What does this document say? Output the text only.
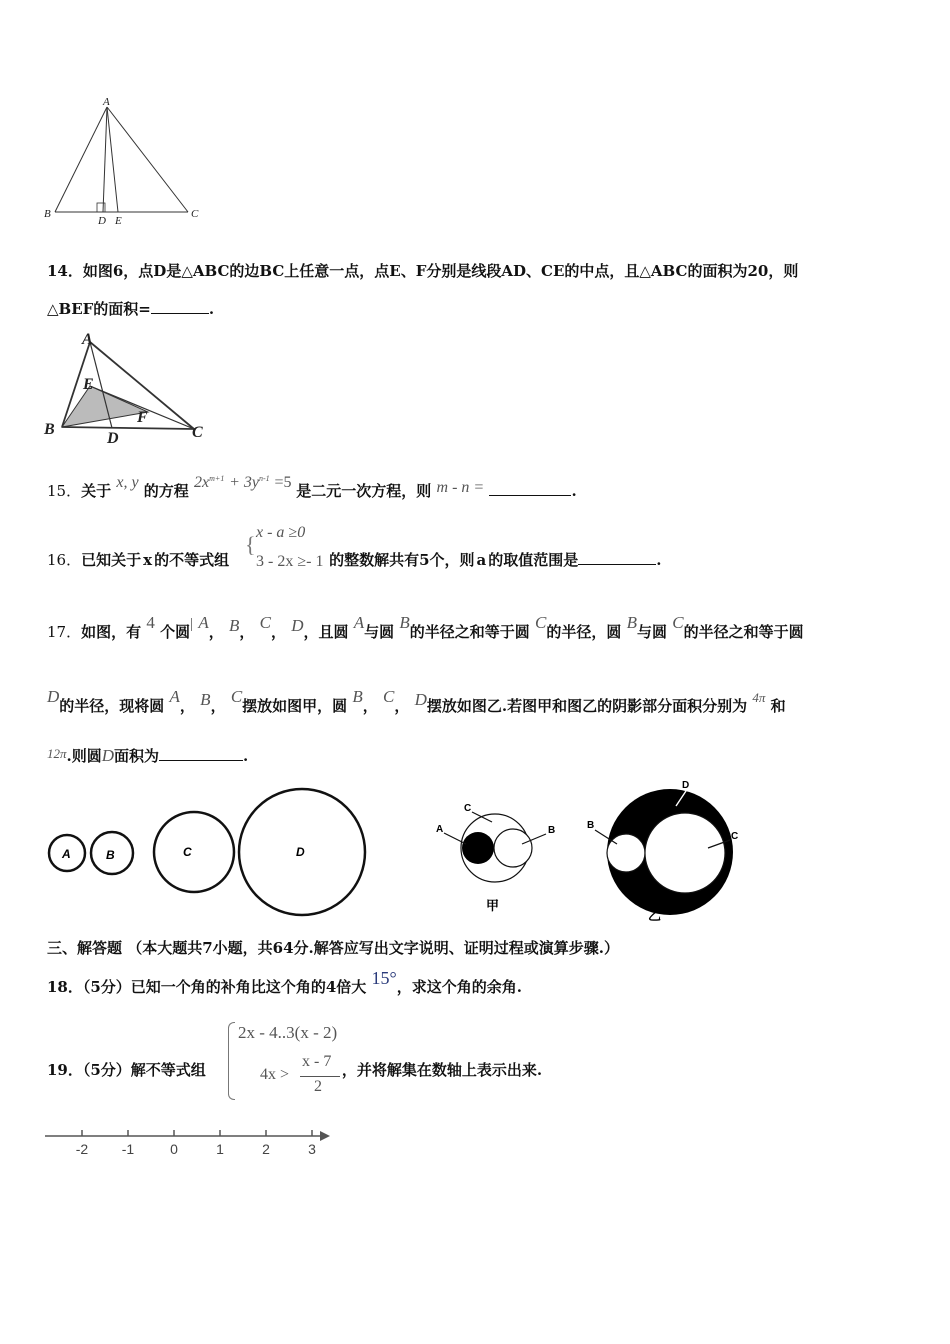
A
B	C
D E
14．如图6，点D是△ABC的边BC上任意一点，点E、F分别是线段AD、CE的中点，且△ABC的面积为20，则
△BEF的面积=	.
A
E
F
B
D	C
15．关于 x, y 的方程 $2x^{m+1} + 3y^{n-1} =5$ 是二元一次方程，则 m - n =	.
{ x - a ≥0
3 - 2x ≥- 1
16．已知关于 x 的不等式组	的整数解共有5个，则 a 的取值范围是	.
17．如图，有 4 个圆| A， B， C， D，且圆 A与圆 B的半径之和等于圆 C的半径，圆 B与圆 C的半径之和等于圆
D的半径，现将圆 A， B， C摆放如图甲，圆 B， C， D摆放如图乙.若图甲和图乙的阴影部分面积分别为 4π 和
12π.则圆D面积为	.
A	B	C	D
A
C
B
甲
D
B
C
乙
三、解答题 （本大题共7小题，共64分.解答应写出文字说明、证明过程或演算步骤.）
18．（5分）已知一个角的补角比这个角的4倍大 15°，求这个角的余角.
2x - 4..3(x - 2)
4x >
x - 7
2
19．（5分）解不等式组	，并将解集在数轴上表示出来.
-2 -1	0	1	2	3
